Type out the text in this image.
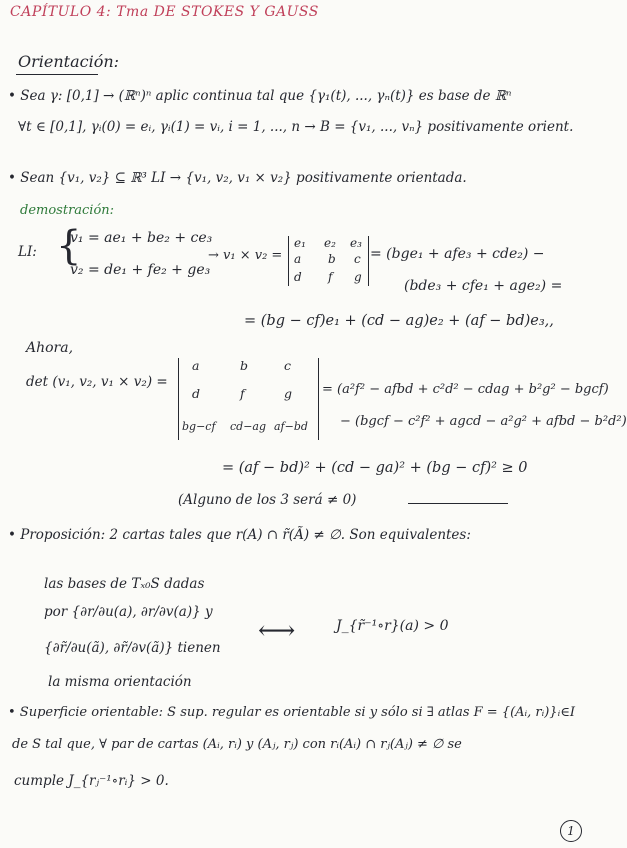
CAPÍTULO 4: Tma DE STOKES Y GAUSS
Orientación:
• Sea γ: [0,1] → (ℝⁿ)ⁿ aplic continua tal que {γ₁(t), ..., γₙ(t)} es base de ℝⁿ
∀t ∈ [0,1], γᵢ(0) = eᵢ, γᵢ(1) = vᵢ, i = 1, ..., n → B = {v₁, ..., vₙ} positivamente orient.
• Sean {v₁, v₂} ⊆ ℝ³ LI → {v₁, v₂, v₁ × v₂} positivamente orientada.
demostración:
LI: {
v₁ = ae₁ + be₂ + ce₃
v₂ = de₁ + fe₂ + ge₃
→ v₁ × v₂ =
e₁ e₂ e₃
a b c
d f g
= (bge₁ + afe₃ + cde₂) −
(bde₃ + cfe₁ + age₂) =
= (bg − cf)e₁ + (cd − ag)e₂ + (af − bd)e₃,,
Ahora,
det (v₁, v₂, v₁ × v₂) =
a	b	c
d	f	g
bg−cf cd−ag af−bd
= (a²f² − afbd + c²d² − cdag + b²g² − bgcf)
− (bgcf − c²f² + agcd − a²g² + afbd − b²d²)
= (af − bd)² + (cd − ga)² + (bg − cf)² ≥ 0
(Alguno de los 3 será ≠ 0)
• Proposición: 2 cartas tales que r(A) ∩ r̃(Ã) ≠ ∅. Son equivalentes:
las bases de Tₓ₀S dadas
por {∂r/∂u(a), ∂r/∂v(a)} y
{∂r̃/∂u(ã), ∂r̃/∂v(ã)} tienen
la misma orientación
⟷	J_{r̃⁻¹∘r}(a) > 0
• Superficie orientable: S sup. regular es orientable si y sólo si ∃ atlas F = {(Aᵢ, rᵢ)}ᵢ∈I
de S tal que, ∀ par de cartas (Aᵢ, rᵢ) y (Aⱼ, rⱼ) con rᵢ(Aᵢ) ∩ rⱼ(Aⱼ) ≠ ∅ se
cumple J_{rⱼ⁻¹∘rᵢ} > 0.
1
